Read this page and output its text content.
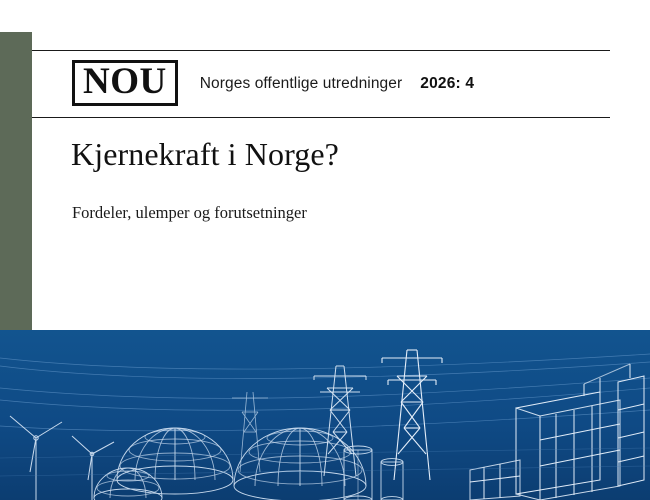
NOU	Norges offentlige utredninger 2026: 4
Kjernekraft i Norge?
Fordeler, ulemper og forutsetninger
